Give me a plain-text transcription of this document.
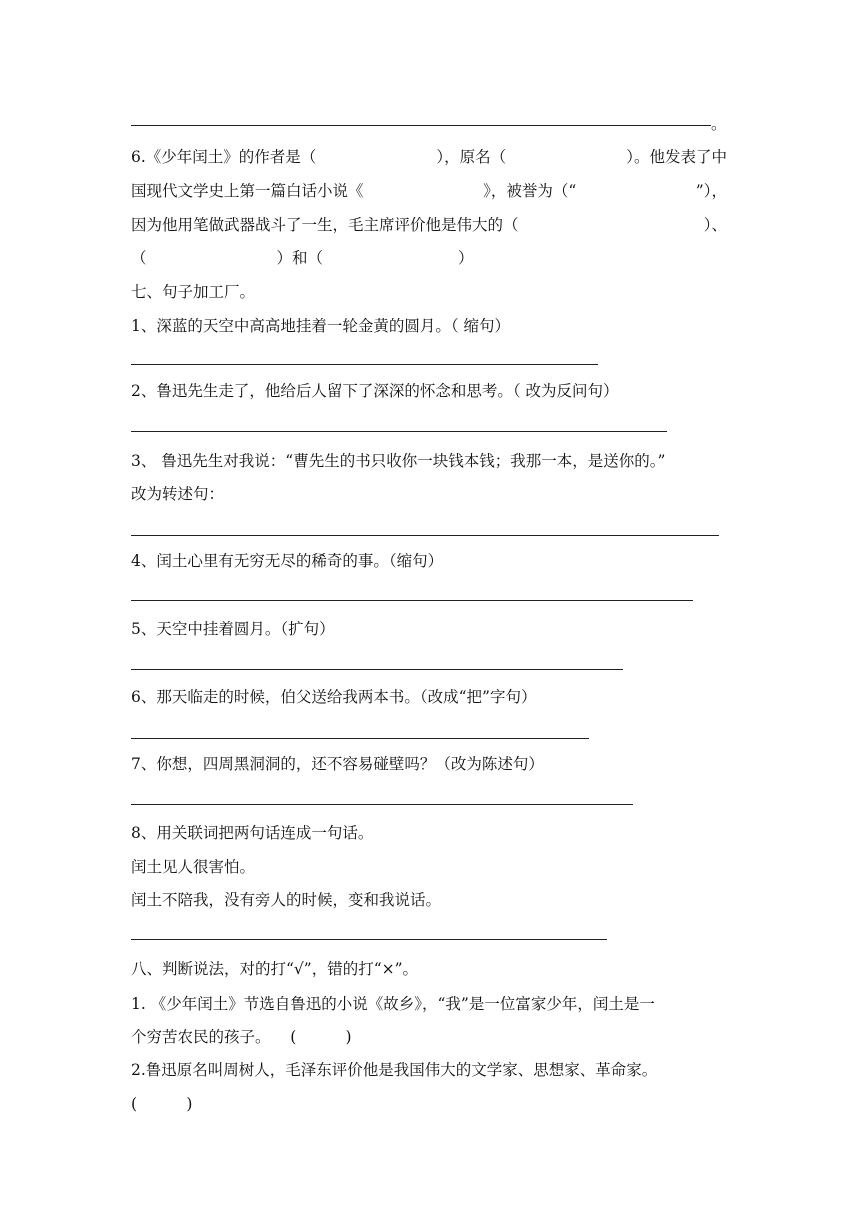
。
6.《少年闰土》的作者是（	），原名（	）。他发表了中
国现代文学史上第一篇白话小说《	》，被誉为（“	”），
因为他用笔做武器战斗了一生，毛主席评价他是伟大的（	）、
（	）和（	）
七、句子加工厂。
1、深蓝的天空中高高地挂着一轮金黄的圆月。（ 缩句）
2、鲁迅先生走了，他给后人留下了深深的怀念和思考。（ 改为反问句）
3、 鲁迅先生对我说：“曹先生的书只收你一块钱本钱；我那一本，是送你的。”
改为转述句：
4、闰土心里有无穷无尽的稀奇的事。（缩句）
5、天空中挂着圆月。（扩句）
6、那天临走的时候，伯父送给我两本书。（改成“把”字句）
7、你想，四周黑洞洞的，还不容易碰壁吗？（改为陈述句）
8、用关联词把两句话连成一句话。
闰土见人很害怕。
闰土不陪我，没有旁人的时候，变和我说话。
八、判断说法，对的打“√”，错的打“×”。
1. 《少年闰土》节选自鲁迅的小说《故乡》，“我”是一位富家少年，闰土是一
个穷苦农民的孩子。    (          )
2.鲁迅原名叫周树人，毛泽东评价他是我国伟大的文学家、思想家、革命家。
(          )
